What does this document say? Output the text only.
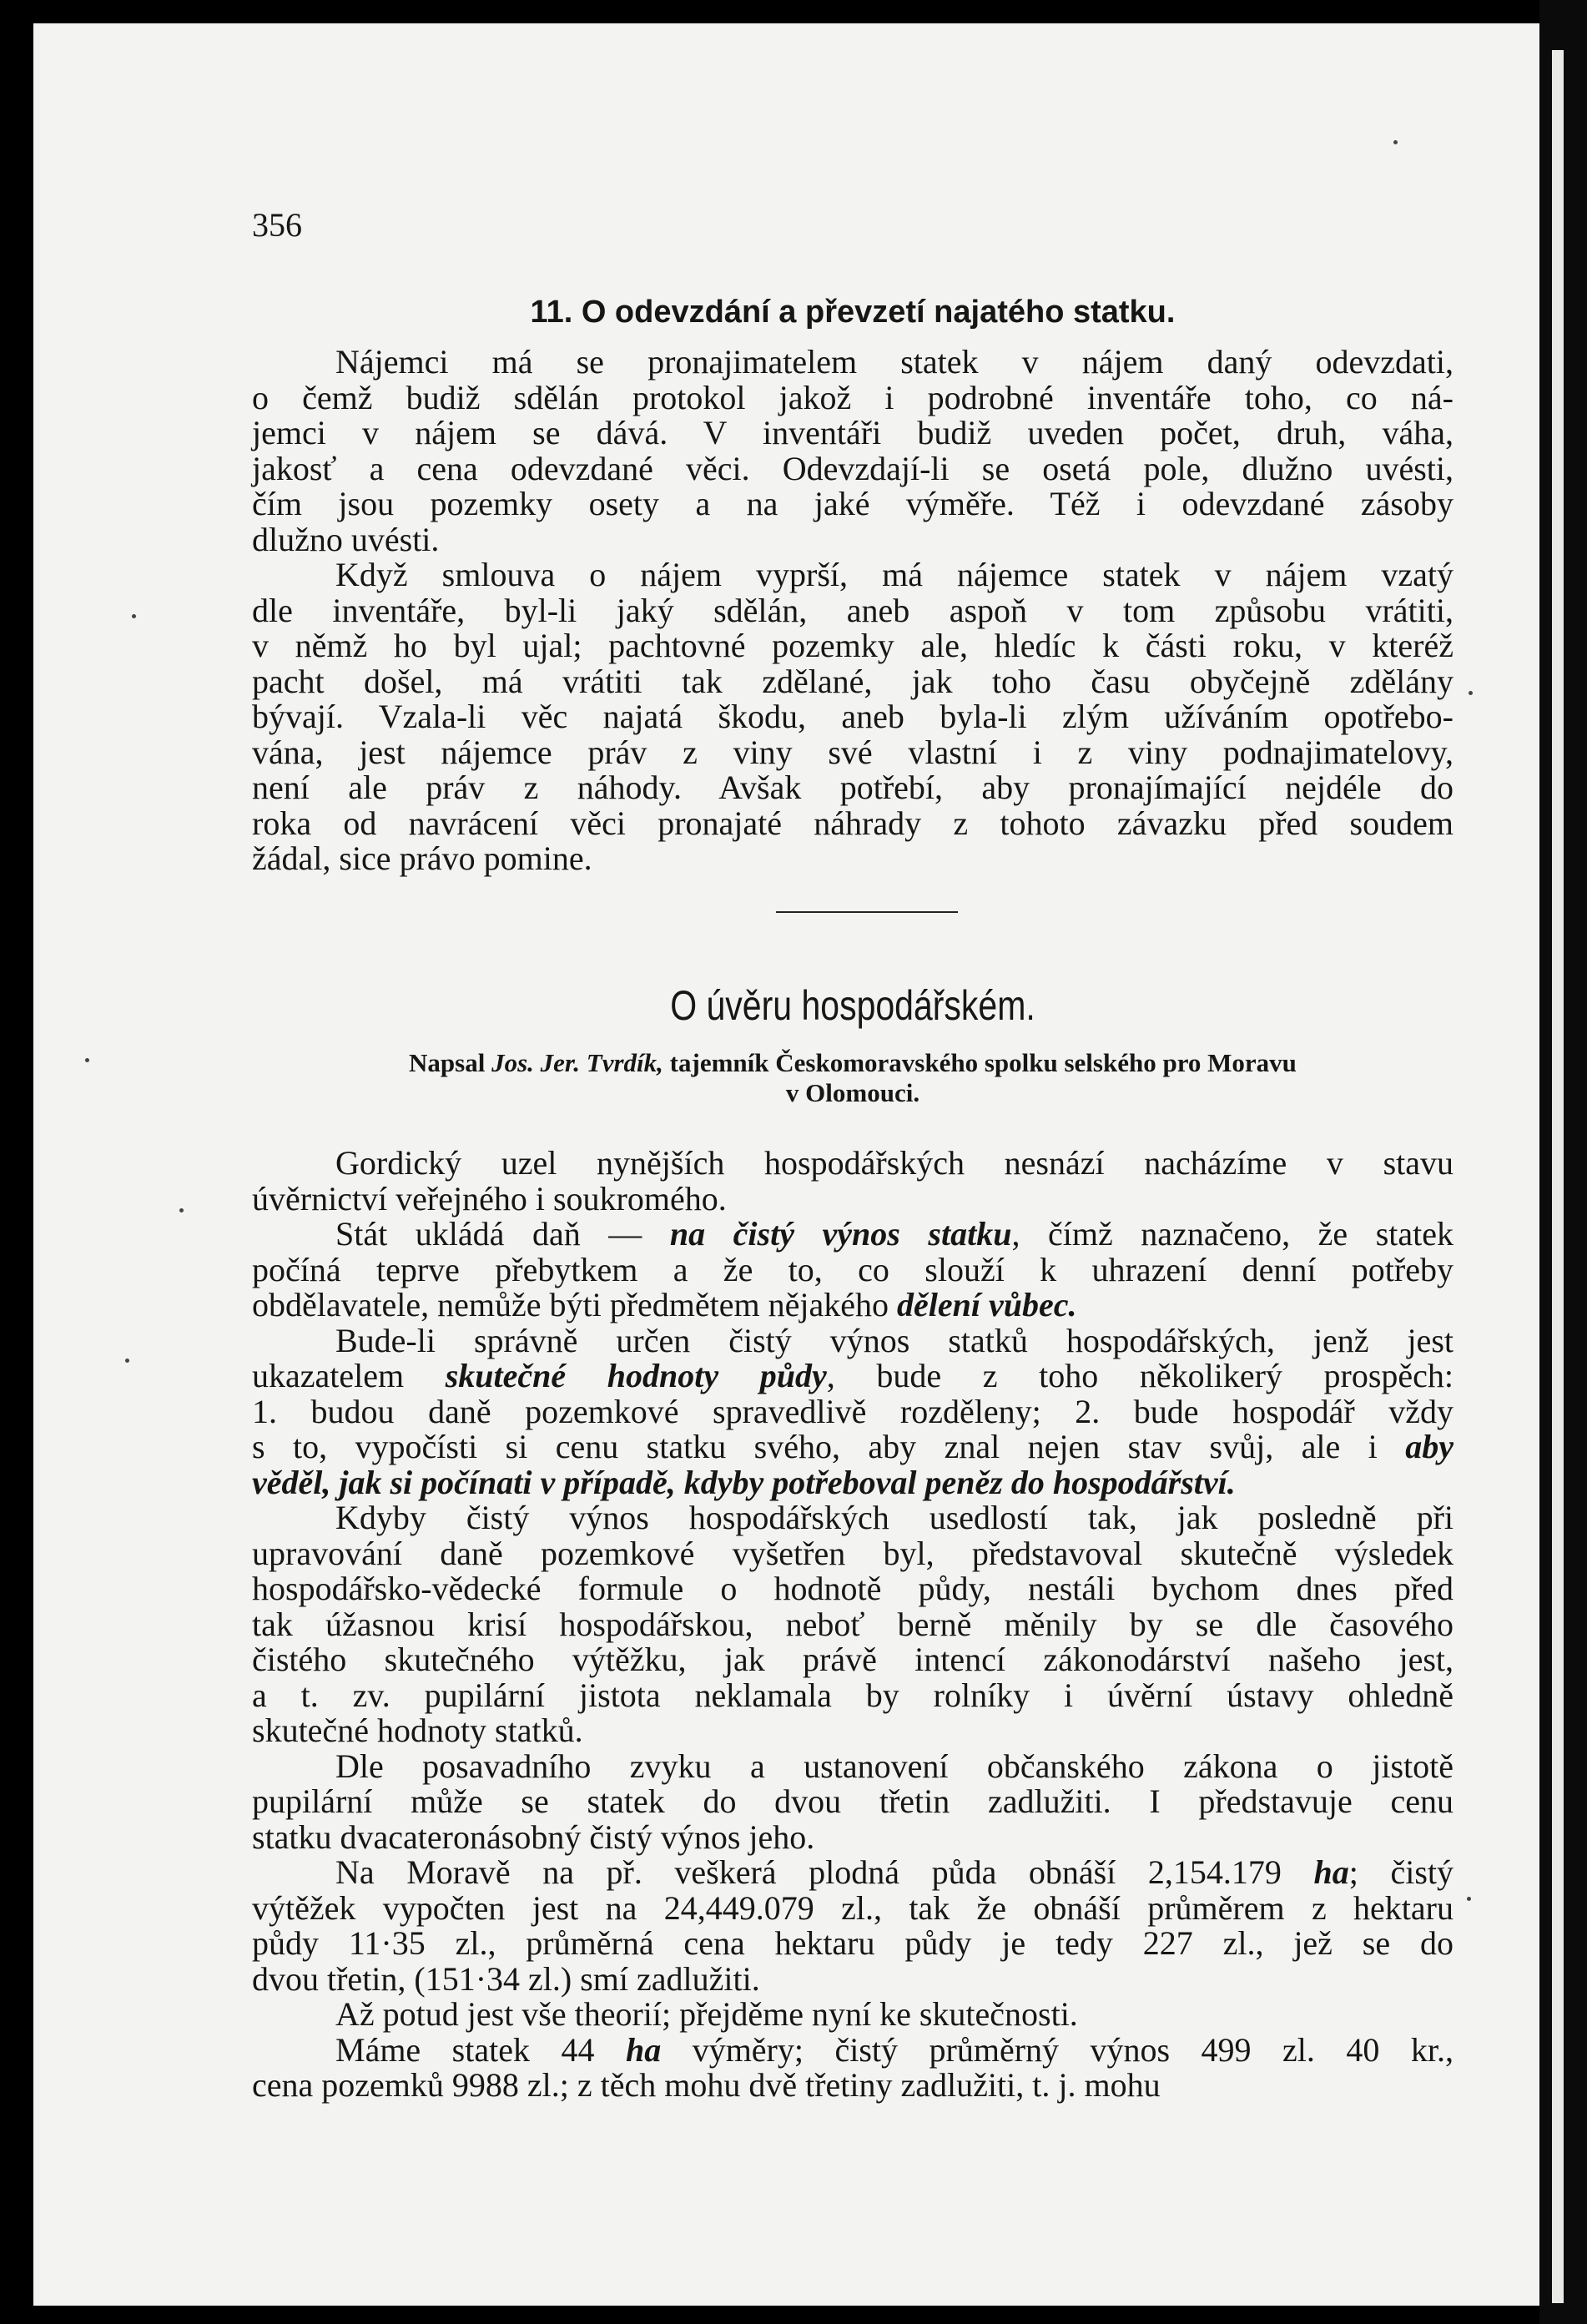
356
11. O odevzdání a převzetí najatého statku.
Nájemci má se pronajimatelem statek v nájem daný odevzdati,
o čemž budiž sdělán protokol jakož i podrobné inventáře toho, co ná-
jemci v nájem se dává. V inventáři budiž uveden počet, druh, váha,
jakosť a cena odevzdané věci. Odevzdají-li se osetá pole, dlužno uvésti,
čím jsou pozemky osety a na jaké výměře. Též i odevzdané zásoby
dlužno uvésti.
Když smlouva o nájem vyprší, má nájemce statek v nájem vzatý
dle inventáře, byl-li jaký sdělán, aneb aspoň v tom způsobu vrátiti,
v němž ho byl ujal; pachtovné pozemky ale, hledíc k části roku, v kteréž
pacht došel, má vrátiti tak zdělané, jak toho času obyčejně zdělány
bývají. Vzala-li věc najatá škodu, aneb byla-li zlým užíváním opotřebo-
vána, jest nájemce práv z viny své vlastní i z viny podnajimatelovy,
není ale práv z náhody. Avšak potřebí, aby pronajímající nejdéle do
roka od navrácení věci pronajaté náhrady z tohoto závazku před soudem
žádal, sice právo pomine.
O úvěru hospodářském.
Napsal Jos. Jer. Tvrdík, tajemník Českomoravského spolku selského pro Moravu
v Olomouci.
Gordický uzel nynějších hospodářských nesnází nacházíme v stavu
úvěrnictví veřejného i soukromého.
Stát ukládá daň — na čistý výnos statku, čímž naznačeno, že statek
počíná teprve přebytkem a že to, co slouží k uhrazení denní potřeby
obdělavatele, nemůže býti předmětem nějakého dělení vůbec.
Bude-li správně určen čistý výnos statků hospodářských, jenž jest
ukazatelem skutečné hodnoty půdy, bude z toho několikerý prospěch:
1. budou daně pozemkové spravedlivě rozděleny; 2. bude hospodář vždy
s to, vypočísti si cenu statku svého, aby znal nejen stav svůj, ale i aby
věděl, jak si počínati v případě, kdyby potřeboval peněz do hospodářství.
Kdyby čistý výnos hospodářských usedlostí tak, jak posledně při
upravování daně pozemkové vyšetřen byl, představoval skutečně výsledek
hospodářsko-vědecké formule o hodnotě půdy, nestáli bychom dnes před
tak úžasnou krisí hospodářskou, neboť berně měnily by se dle časového
čistého skutečného výtěžku, jak právě intencí zákonodárství našeho jest,
a t. zv. pupilární jistota neklamala by rolníky i úvěrní ústavy ohledně
skutečné hodnoty statků.
Dle posavadního zvyku a ustanovení občanského zákona o jistotě
pupilární může se statek do dvou třetin zadlužiti. I představuje cenu
statku dvacateronásobný čistý výnos jeho.
Na Moravě na př. veškerá plodná půda obnáší 2,154.179 ha; čistý
výtěžek vypočten jest na 24,449.079 zl., tak že obnáší průměrem z hektaru
půdy 11·35 zl., průměrná cena hektaru půdy je tedy 227 zl., jež se do
dvou třetin, (151·34 zl.) smí zadlužiti.
Až potud jest vše theorií; přejděme nyní ke skutečnosti.
Máme statek 44 ha výměry; čistý průměrný výnos 499 zl. 40 kr.,
cena pozemků 9988 zl.; z těch mohu dvě třetiny zadlužiti, t. j. mohu
